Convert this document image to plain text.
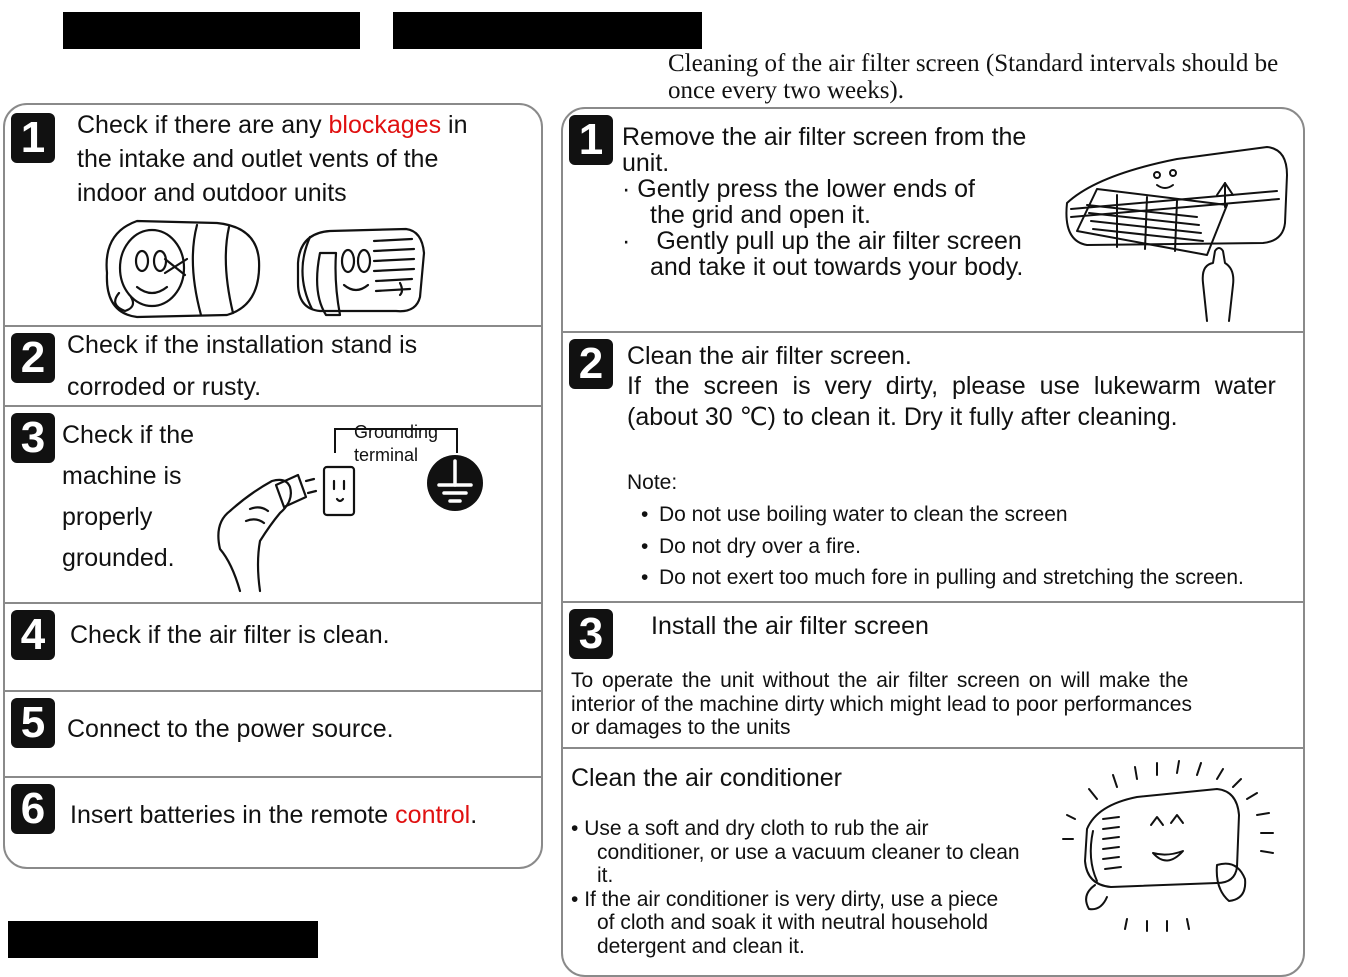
Cleaning of the air filter screen (Standard intervals should be
once every two weeks).
1	Check if there are any blockages in
the intake and outlet vents of the
indoor and outdoor units
2 Check if the installation stand is
corroded or rusty.
3 Check if the
machine is
properly
grounded.
Grounding
terminal
4 Check if the air filter is clean.
5 Connect to the power source.
6 Insert batteries in the remote control.
1 Remove the air filter screen from the
unit.
· Gently press the lower ends of
the grid and open it.
· Gently pull up the air filter screen
and take it out towards your body.
2 Clean the air filter screen.
If the screen is very dirty, please use lukewarm water
(about 30 ℃) to clean it. Dry it fully after cleaning.
Note:
• Do not use boiling water to clean the screen
• Do not dry over a fire.
• Do not exert too much fore in pulling and stretching the screen.
3	Install the air filter screen
To operate the unit without the air filter screen on will make the
interior of the machine dirty which might lead to poor performances
or damages to the units
Clean the air conditioner
• Use a soft and dry cloth to rub the air
conditioner, or use a vacuum cleaner to clean
it.
• If the air conditioner is very dirty, use a piece
of cloth and soak it with neutral household
detergent and clean it.
